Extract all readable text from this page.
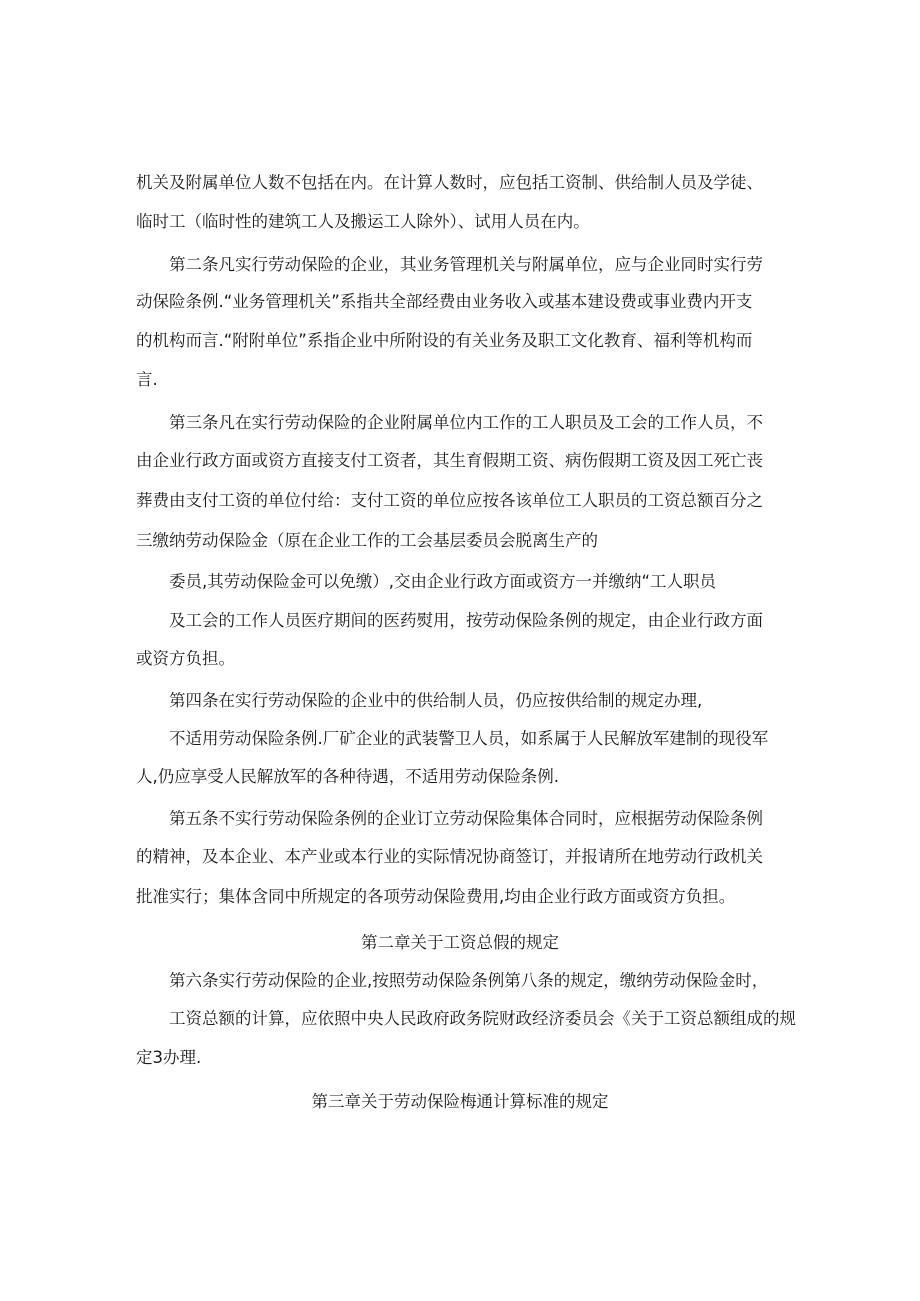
机关及附属单位人数不包括在内。在计算人数时，应包括工资制、供给制人员及学徒、

临时工（临时性的建筑工人及搬运工人除外）、试用人员在内。

第二条凡实行劳动保险的企业，其业务管理机关与附属单位，应与企业同时实行劳

动保险条例.“业务管理机关”系指共全部经费由业务收入或基本建设费或事业费内开支

的机构而言.“附附单位”系指企业中所附设的有关业务及职工文化教育、福利等机构而

言.

第三条凡在实行劳动保险的企业附属单位内工作的工人职员及工会的工作人员，不

由企业行政方面或资方直接支付工资者，其生育假期工资、病伤假期工资及因工死亡丧

葬费由支付工资的单位付给：支付工资的单位应按各该单位工人职员的工资总额百分之

三缴纳劳动保险金（原在企业工作的工会基层委员会脱离生产的

委员,其劳动保险金可以免缴）,交由企业行政方面或资方一并缴纳“工人职员

及工会的工作人员医疗期间的医药熨用，按劳动保险条例的规定，由企业行政方面

或资方负担。

第四条在实行劳动保险的企业中的供给制人员，仍应按供给制的规定办理,

不适用劳动保险条例.厂矿企业的武装警卫人员，如系属于人民解放军建制的现役军

人,仍应享受人民解放军的各种待遇，不适用劳动保险条例.

第五条不实行劳动保险条例的企业订立劳动保险集体合同时，应根据劳动保险条例

的精神，及本企业、本产业或本行业的实际情况协商签订，并报请所在地劳动行政机关

批准实行；集体含同中所规定的各项劳动保险费用,均由企业行政方面或资方负担。

第二章关于工资总假的规定

第六条实行劳动保险的企业,按照劳动保险条例第八条的规定，缴纳劳动保险金时，

工资总额的计算，应依照中央人民政府政务院财政经济委员会《关于工资总额组成的规

定3办理.

第三章关于劳动保险梅通计算标准的规定
